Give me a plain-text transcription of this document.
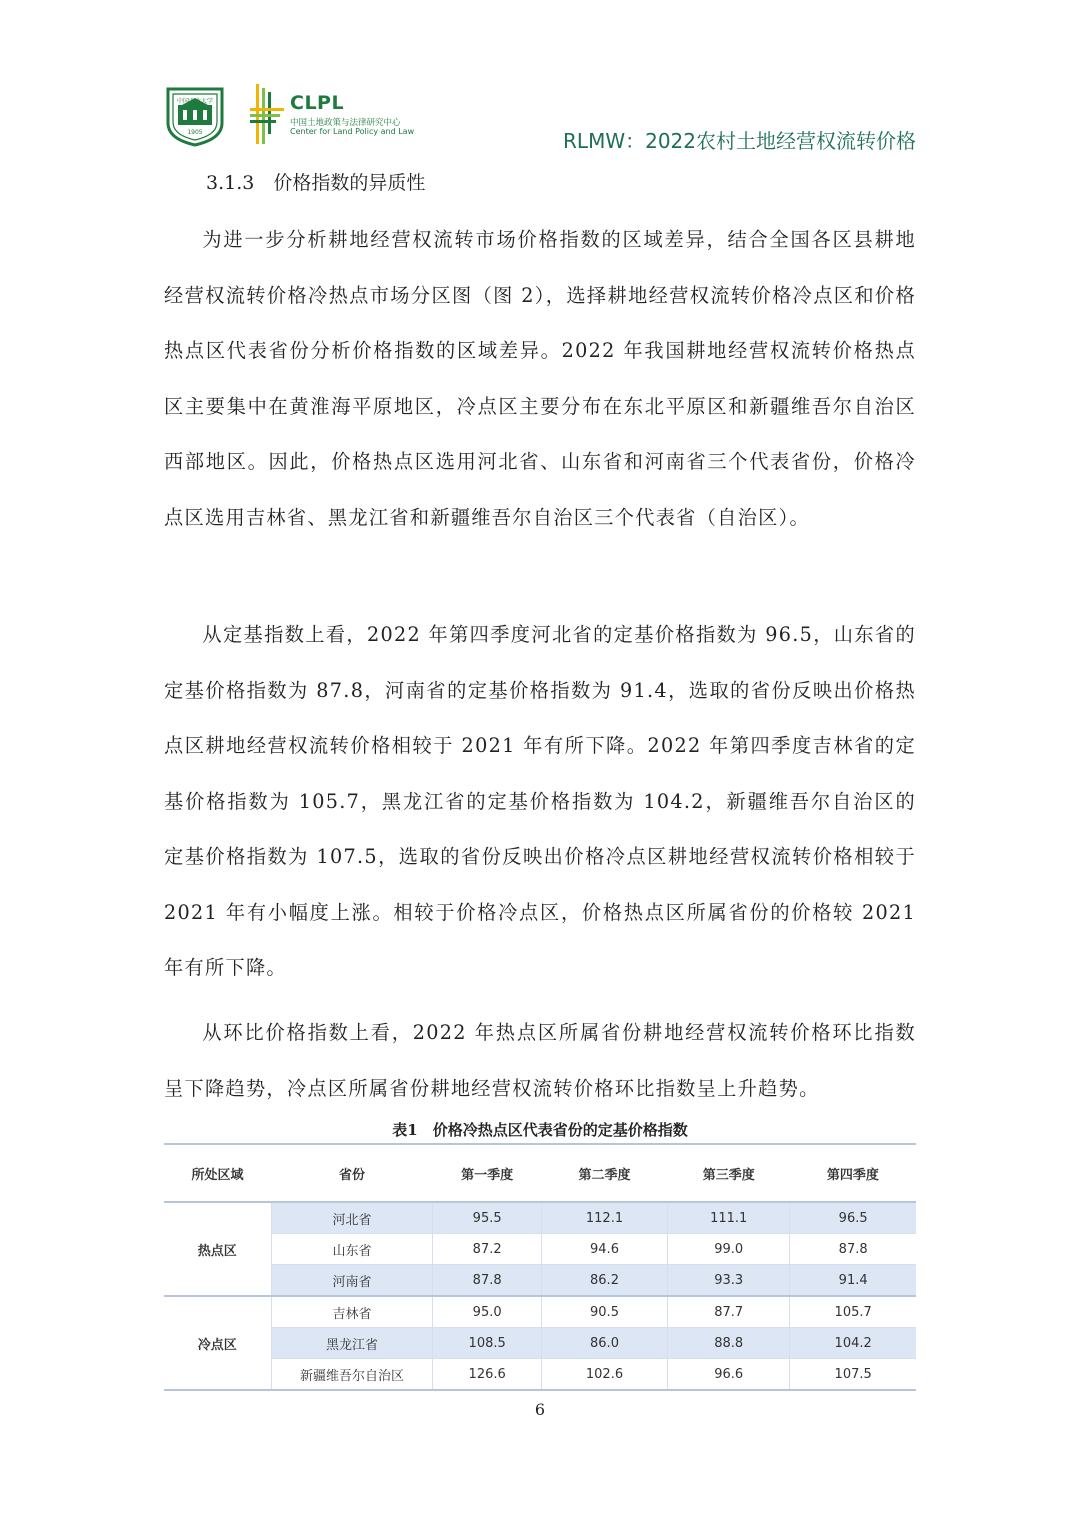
中国农业大学
1905
CLPL
中国土地政策与法律研究中心
Center for Land Policy and Law	RLMW：2022农村土地经营权流转价格
3.1.3　价格指数的异质性
为进一步分析耕地经营权流转市场价格指数的区域差异，结合全国各区县耕地经营权流转价格冷热点市场分区图（图 2），选择耕地经营权流转价格冷点区和价格热点区代表省份分析价格指数的区域差异。2022 年我国耕地经营权流转价格热点区主要集中在黄淮海平原地区，冷点区主要分布在东北平原区和新疆维吾尔自治区西部地区。因此，价格热点区选用河北省、山东省和河南省三个代表省份，价格冷点区选用吉林省、黑龙江省和新疆维吾尔自治区三个代表省（自治区）。
从定基指数上看，2022 年第四季度河北省的定基价格指数为 96.5，山东省的定基价格指数为 87.8，河南省的定基价格指数为 91.4，选取的省份反映出价格热点区耕地经营权流转价格相较于 2021 年有所下降。2022 年第四季度吉林省的定基价格指数为 105.7，黑龙江省的定基价格指数为 104.2，新疆维吾尔自治区的定基价格指数为 107.5，选取的省份反映出价格冷点区耕地经营权流转价格相较于 2021 年有小幅度上涨。相较于价格冷点区，价格热点区所属省份的价格较 2021 年有所下降。
从环比价格指数上看，2022 年热点区所属省份耕地经营权流转价格环比指数呈下降趋势，冷点区所属省份耕地经营权流转价格环比指数呈上升趋势。
表1　价格冷热点区代表省份的定基价格指数
所处区域	省份	第一季度	第二季度	第三季度	第四季度
热点区	河北省	95.5	112.1	111.1	96.5
	山东省	87.2	94.6	99.0	87.8
	河南省	87.8	86.2	93.3	91.4
冷点区	吉林省	95.0	90.5	87.7	105.7
	黑龙江省	108.5	86.0	88.8	104.2
	新疆维吾尔自治区	126.6	102.6	96.6	107.5
6
